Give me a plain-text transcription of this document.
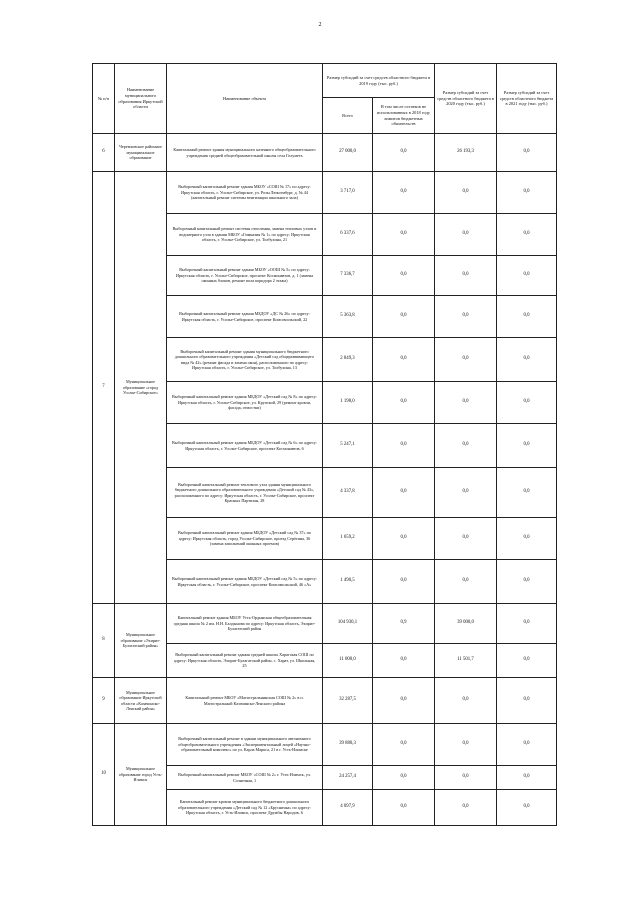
2
№ п/п	Наименование муниципального образования Иркутской области	Наименование объекта	Размер субсидий за счет средств областного бюджета в 2019 году (тыс. руб.)		Размер субсидий за счет средств областного бюджета в 2020 году (тыс. руб.)	Размер субсидий за счет средств областного бюджета в 2021 году (тыс. руб.)
			Всего	В том числе остатков не использованных в 2018 году лимитов бюджетных обязательств		
6	Черемховское районное муниципальное образование	Капитальный ремонт здания муниципального казенного общеобразовательного учреждения средней общеобразовательной школы села Голуметь	27 000,0	0,0	26 193,3	0,0
7	Муниципальное образование «город Усолье-Сибирское»	Выборочный капитальный ремонт здания МБОУ «СОШ № 17» по адресу: Иркутская область, г. Усолье-Сибирское, ул. Розы Люксембург, д. № 44 (капитальный ремонт системы вентиляции школьного зала)	3 717,0	0,0	0,0	0,0
		Выборочный капитальный ремонт системы отопления, замена тепловых узлов и водомерного узла в здании МБОУ «Гимназия № 1» по адресу: Иркутская область, г. Усолье-Сибирское, ул. Толбухина, 21	6 337,6	0,0	0,0	0,0
		Выборочный капитальный ремонт здания МБОУ «ООШ № 5» по адресу: Иркутская область, г. Усолье-Сибирское, проспект Космонавтов, д. 1 (замена оконных блоков, ремонт пола коридора 2 этажа)	7 336,7	0,0	0,0	0,0
		Выборочный капитальный ремонт здания МБДОУ «ДС № 26» по адресу: Иркутская область, г. Усолье-Сибирское, проспект Комсомольский, 22	5 363,8	0,0	0,0	0,0
		Выборочный капитальный ремонт здания муниципального бюджетного дошкольного образовательного учреждения «Детский сад общеразвивающего вида № 42» (ремонт фасада и замена окон), расположенного по адресу: Иркутская область, г. Усолье-Сибирское, ул. Толбухина, 13	2 849,3	0,0	0,0	0,0
		Выборочный капитальный ремонт здания МБДОУ «Детский сад № 8» по адресу: Иркутская область, г. Усолье-Сибирское, ул. Крупской, 29 (ремонт кровли, фасада, отмостки)	1 198,0	0,0	0,0	0,0
		Выборочный капитальный ремонт здания МБДОУ «Детский сад № 6» по адресу: Иркутская область, г. Усолье-Сибирское, проспект Космонавтов, 6	5 247,1	0,0	0,0	0,0
		Выборочный капитальный ремонт теплового узла здания муниципального бюджетного дошкольного образовательного учреждения «Детский сад № 43», расположенного по адресу: Иркутская область, г. Усолье-Сибирское, проспект Красных Партизан, 28	4 337,8	0,0	0,0	0,0
		Выборочный капитальный ремонт здания МБДОУ «Детский сад № 37» по адресу: Иркутская область, город Усолье-Сибирское, проезд Серёгина, 36 (замена заполнений оконных проемов)	1 659,2	0,0	0,0	0,0
		Выборочный капитальный ремонт здания МБДОУ «Детский сад № 5» по адресу: Иркутская область, г. Усолье-Сибирское, проспект Комсомольский, 46 «А»	1 490,5	0,0	0,0	0,0
8	Муниципальное образование «Эхирит-Булагатский район»	Капитальный ремонт здания МБОУ Усть-Ордынская общеобразовательная средняя школа № 2 им. Н.Н. Балдынова по адресу: Иркутская область, Эхирит-Булагатский район	104 930,1	0,9	39 000,0	0,0
		Выборочный капитальный ремонт здания средней школы Харатская СОШ по адресу: Иркутская область, Эхирит-Булагатский район, с. Харат, ул. Школьная, 25	11 000,0	0,0	11 501,7	0,0
9	Муниципальное образование Иркутской области «Казачинско-Ленский район»	Капитальный ремонт МБОУ «Магистральнинская СОШ № 2» в п. Магистральный Казачинско-Ленского района	32 287,5	0,0	0,0	0,0
10	Муниципальное образование город Усть-Илимск	Выборочный капитальный ремонт в здании муниципального автономного общеобразовательного учреждения «Экспериментальный лицей «Научно-образовательный комплекс» по ул. Карла Маркса, 21 в г. Усть-Илимске	39 880,3	0,0	0,0	0,0
		Выборочный капитальный ремонт МБОУ «СОШ № 2» г. Усть-Илимск, ул. Солнечная, 1	24 257,4	0,0	0,0	0,0
		Капитальный ремонт кровли муниципального бюджетного дошкольного образовательного учреждения «Детский сад № 12 «Брусничка» по адресу: Иркутская область, г. Усть-Илимск, проспект Дружбы Народов, 6	4 097,9	0,0	0,0	0,0
